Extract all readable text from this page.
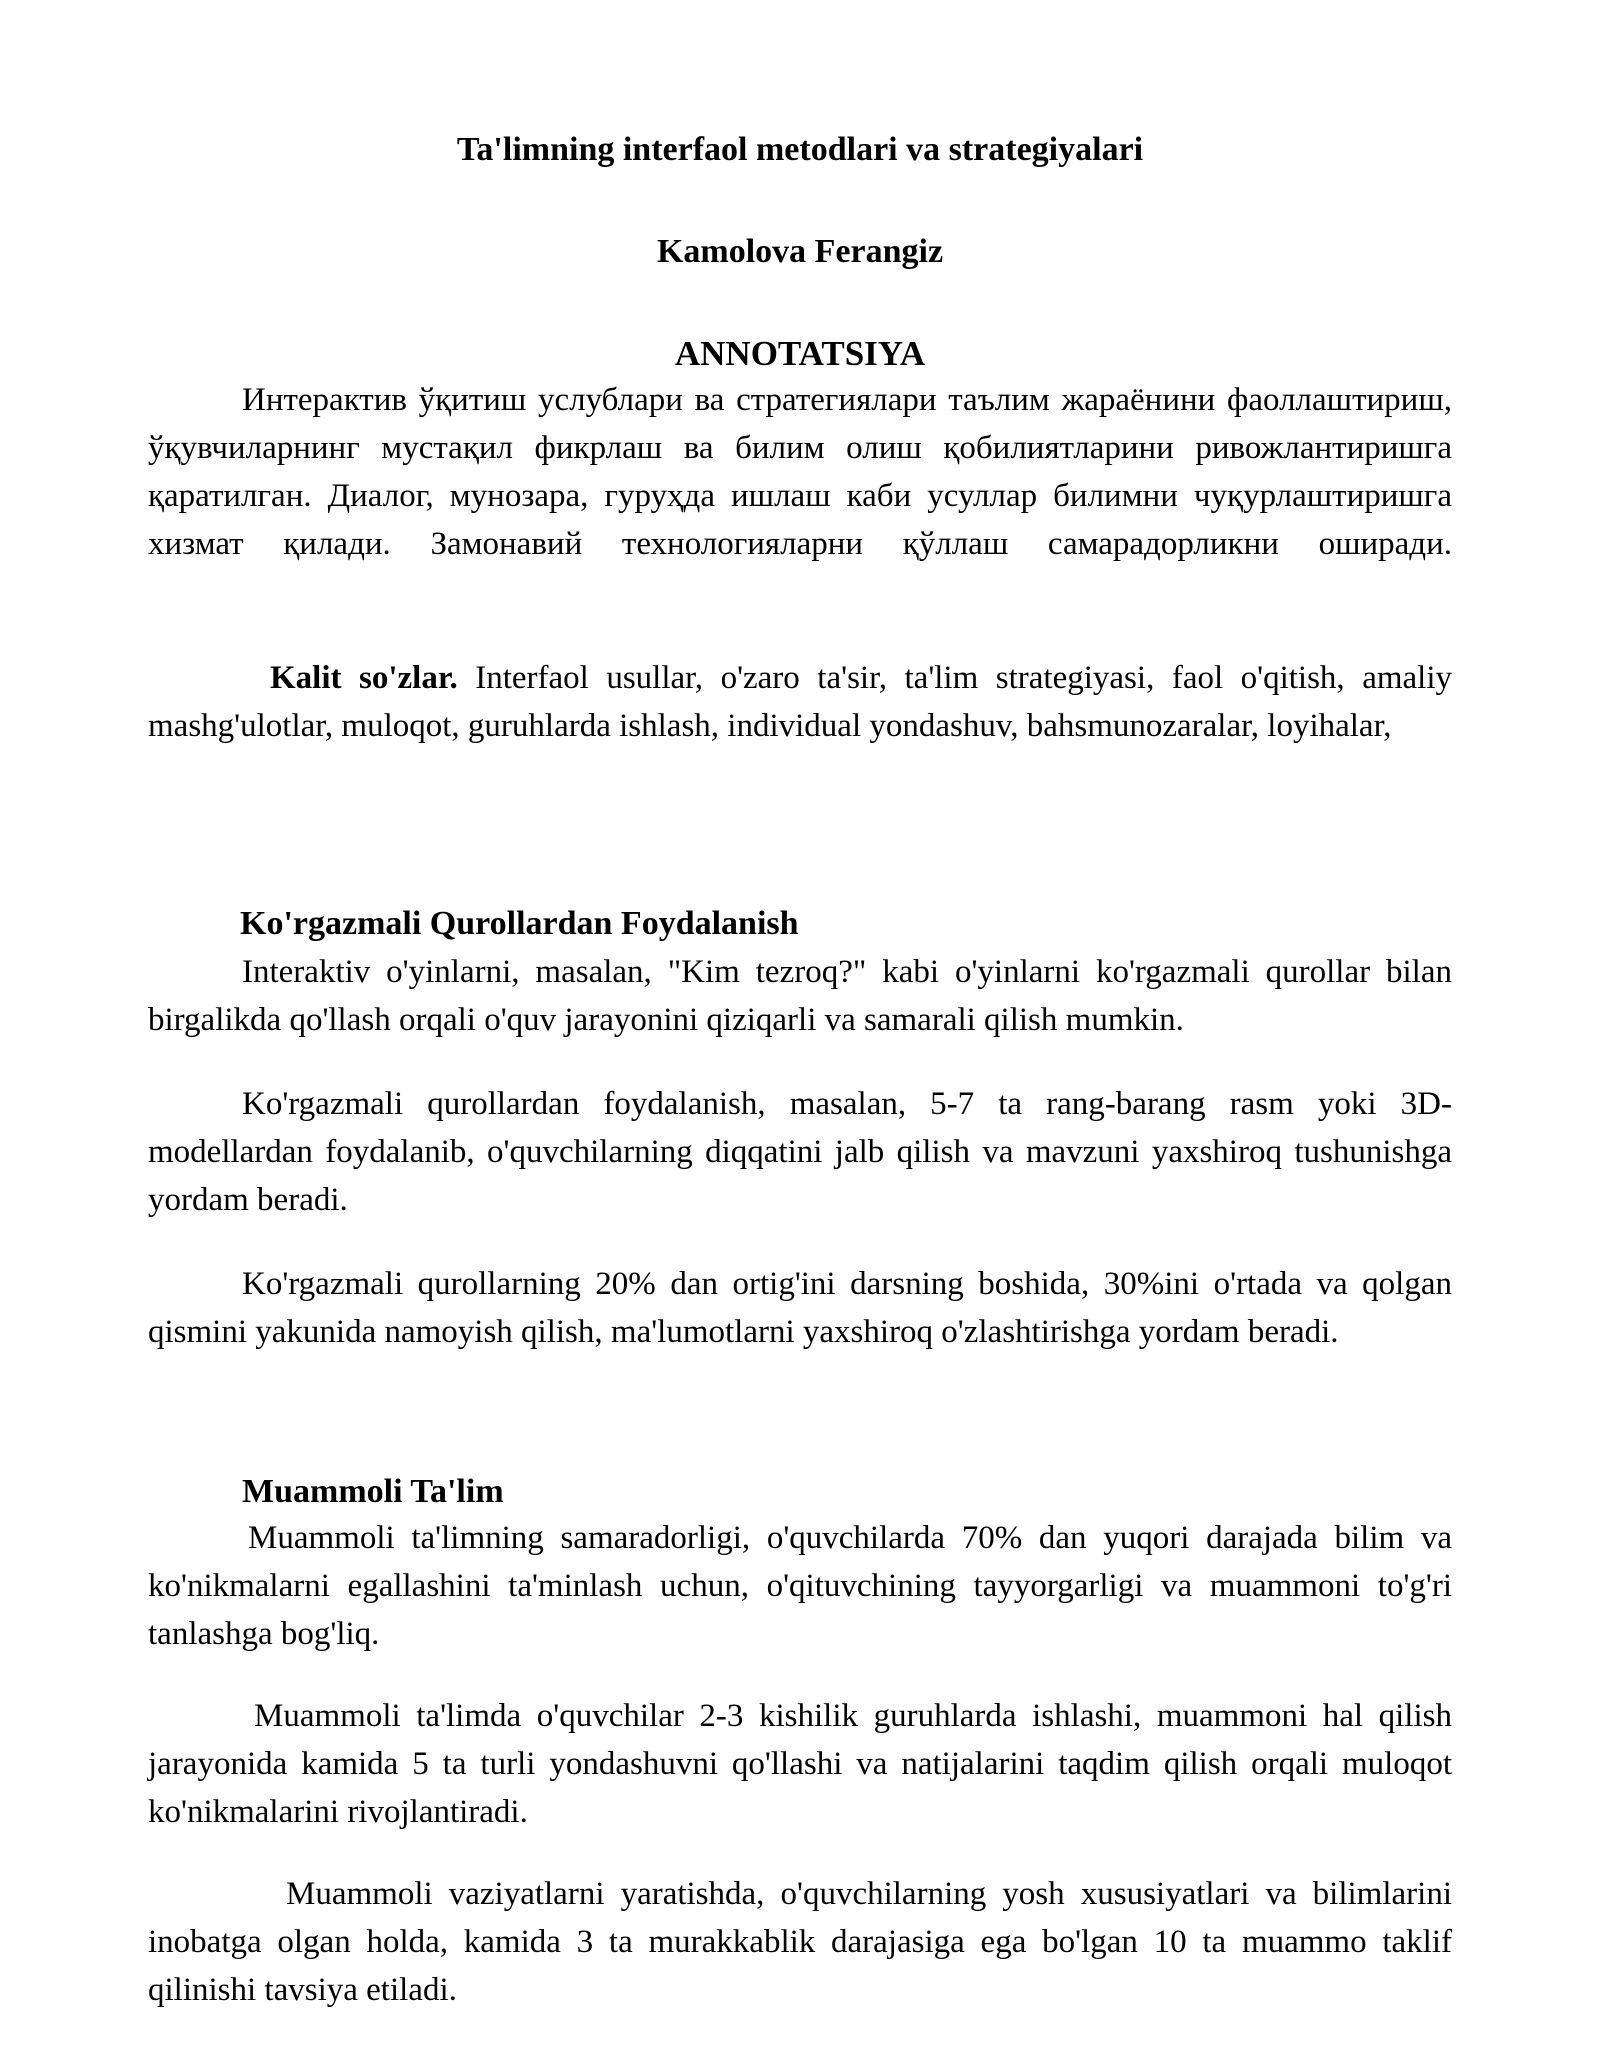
Ta'limning interfaol metodlari va strategiyalari

Kamolova Ferangiz

ANNOTATSIYA

Интерактив ўқитиш услублари ва стратегиялари таълим жараёнини фаоллаштириш, ўқувчиларнинг мустақил фикрлаш ва билим олиш қобилиятларини ривожлантиришга қаратилган. Диалог, мунозара, гуруҳда ишлаш каби усуллар билимни чуқурлаштиришга хизмат қилади. Замонавий технологияларни қўллаш самарадорликни оширади.

Kalit so'zlar. Interfaol usullar, o'zaro ta'sir, ta'lim strategiyasi, faol o'qitish, amaliy mashg'ulotlar, muloqot, guruhlarda ishlash, individual yondashuv, bahsmunozaralar, loyihalar,

Ko'rgazmali Qurollardan Foydalanish

Interaktiv o'yinlarni, masalan, "Kim tezroq?" kabi o'yinlarni ko'rgazmali qurollar bilan birgalikda qo'llash orqali o'quv jarayonini qiziqarli va samarali qilish mumkin.

Ko'rgazmali qurollardan foydalanish, masalan, 5-7 ta rang-barang rasm yoki 3D-modellardan foydalanib, o'quvchilarning diqqatini jalb qilish va mavzuni yaxshiroq tushunishga yordam beradi.

Ko'rgazmali qurollarning 20% dan ortig'ini darsning boshida, 30%ini o'rtada va qolgan qismini yakunida namoyish qilish, ma'lumotlarni yaxshiroq o'zlashtirishga yordam beradi.

Muammoli Ta'lim

Muammoli ta'limning samaradorligi, o'quvchilarda 70% dan yuqori darajada bilim va ko'nikmalarni egallashini ta'minlash uchun, o'qituvchining tayyorgarligi va muammoni to'g'ri tanlashga bog'liq.

Muammoli ta'limda o'quvchilar 2-3 kishilik guruhlarda ishlashi, muammoni hal qilish jarayonida kamida 5 ta turli yondashuvni qo'llashi va natijalarini taqdim qilish orqali muloqot ko'nikmalarini rivojlantiradi.

Muammoli vaziyatlarni yaratishda, o'quvchilarning yosh xususiyatlari va bilimlarini inobatga olgan holda, kamida 3 ta murakkablik darajasiga ega bo'lgan 10 ta muammo taklif qilinishi tavsiya etiladi.
